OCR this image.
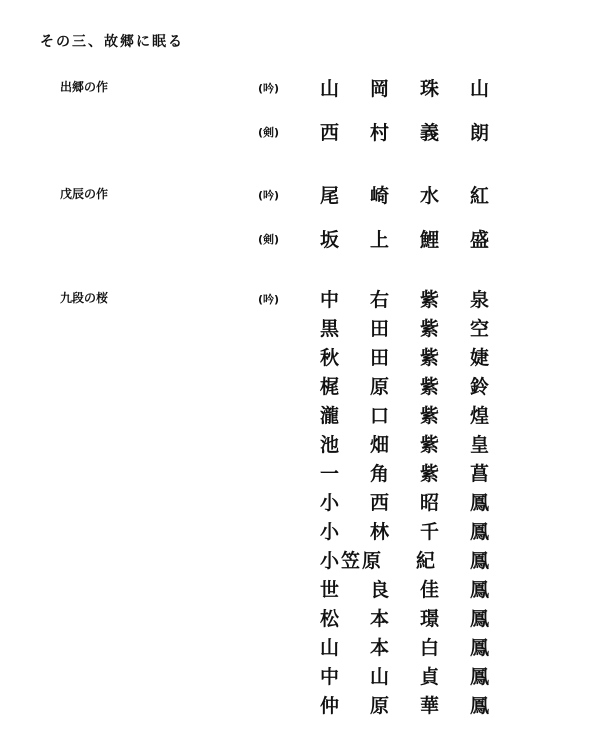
その三、故郷に眠る
出郷の作	(吟) 山	岡	珠	山
(剣) 西	村	義	朗
戊辰の作	(吟) 尾	崎	水	紅
(剣) 坂	上	鯉	盛
九段の桜	(吟) 中	右	紫	泉
黒	田	紫	空
秋	田	紫	婕
梶	原	紫	鈴
瀧	口	紫	煌
池	畑	紫	皇
一	角	紫	菖
小	西	昭	鳳
小	林	千	鳳
小 笠 原	紀	鳳
世	良	佳	鳳
松	本	璟	鳳
山	本	白	鳳
中	山	貞	鳳
仲	原	華	鳳
